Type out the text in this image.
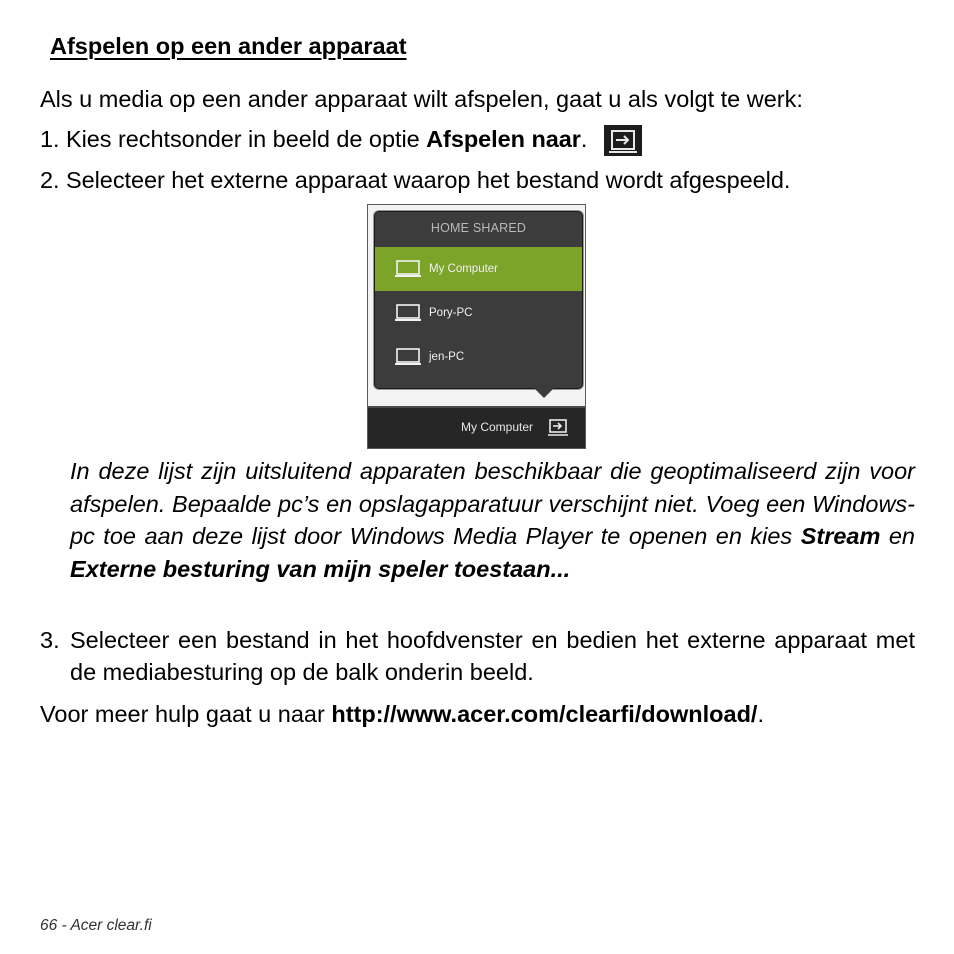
Afspelen op een ander apparaat
Als u media op een ander apparaat wilt afspelen, gaat u als volgt te werk:
1. Kies rechtsonder in beeld de optie Afspelen naar.
2. Selecteer het externe apparaat waarop het bestand wordt afgespeeld.
HOME SHARED
My Computer
Pory-PC
jen-PC
My Computer
In deze lijst zijn uitsluitend apparaten beschikbaar die geoptimaliseerd zijn voor afspelen. Bepaalde pc’s en opslagapparatuur verschijnt niet. Voeg een Windows-pc toe aan deze lijst door Windows Media Player te openen en kies Stream en Externe besturing van mijn speler toestaan...
3. Selecteer een bestand in het hoofdvenster en bedien het externe apparaat met de mediabesturing op de balk onderin beeld.
Voor meer hulp gaat u naar http://www.acer.com/clearfi/download/.
66 - Acer clear.fi
